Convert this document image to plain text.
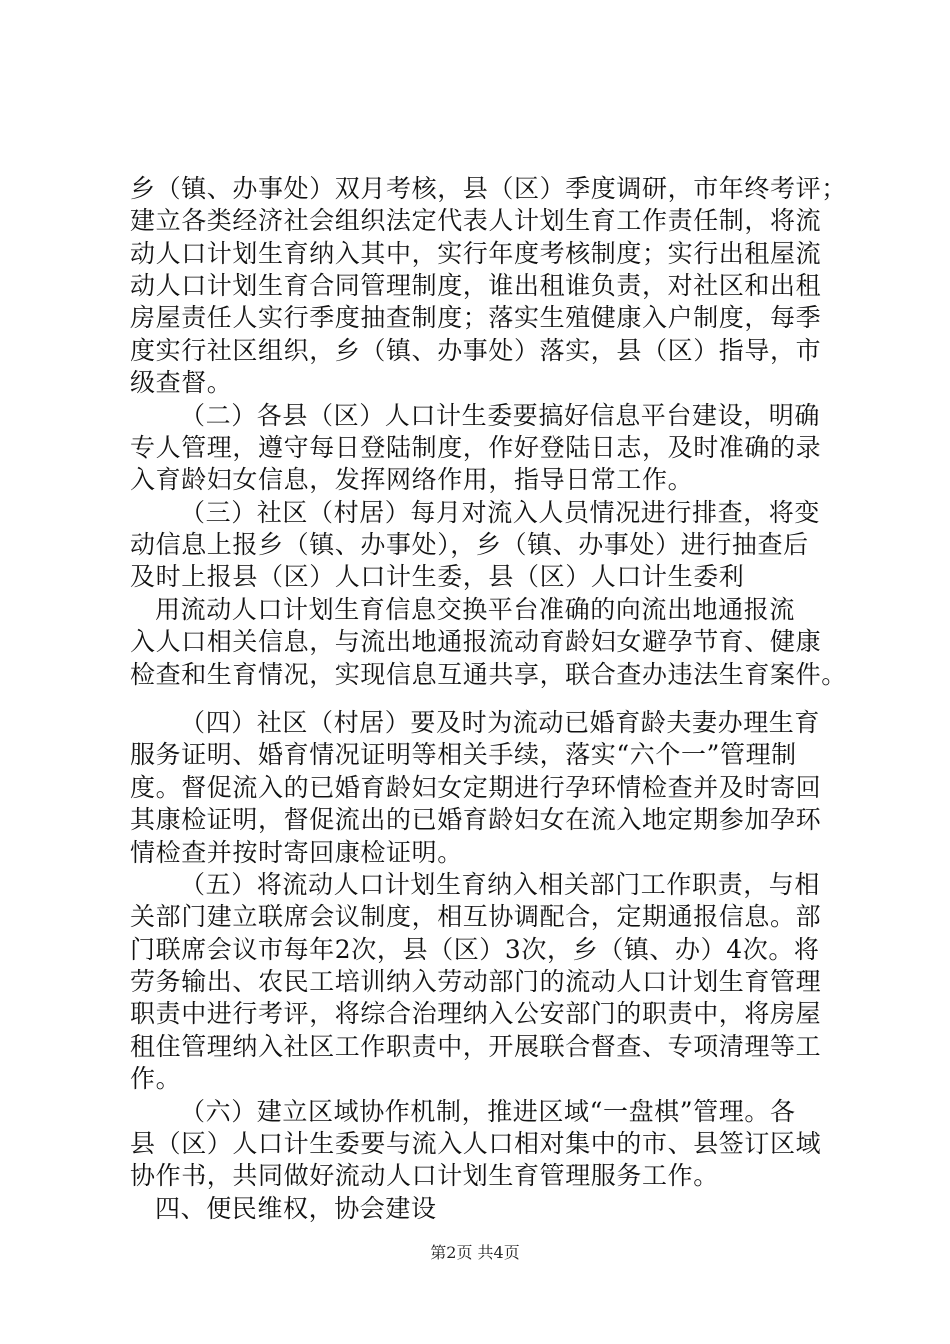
乡（镇、办事处）双月考核，县（区）季度调研，市年终考评；
建立各类经济社会组织法定代表人计划生育工作责任制，将流
动人口计划生育纳入其中，实行年度考核制度；实行出租屋流
动人口计划生育合同管理制度，谁出租谁负责，对社区和出租
房屋责任人实行季度抽查制度；落实生殖健康入户制度，每季
度实行社区组织，乡（镇、办事处）落实，县（区）指导，市
级查督。
（二）各县（区）人口计生委要搞好信息平台建设，明确
专人管理，遵守每日登陆制度，作好登陆日志，及时准确的录
入育龄妇女信息，发挥网络作用，指导日常工作。
（三）社区（村居）每月对流入人员情况进行排查，将变
动信息上报乡（镇、办事处），乡（镇、办事处）进行抽查后
及时上报县（区）人口计生委，县（区）人口计生委利
用流动人口计划生育信息交换平台准确的向流出地通报流
入人口相关信息，与流出地通报流动育龄妇女避孕节育、健康
检查和生育情况，实现信息互通共享，联合查办违法生育案件。
（四）社区（村居）要及时为流动已婚育龄夫妻办理生育
服务证明、婚育情况证明等相关手续，落实“六个一”管理制
度。督促流入的已婚育龄妇女定期进行孕环情检查并及时寄回
其康检证明，督促流出的已婚育龄妇女在流入地定期参加孕环
情检查并按时寄回康检证明。
（五）将流动人口计划生育纳入相关部门工作职责，与相
关部门建立联席会议制度，相互协调配合，定期通报信息。部
门联席会议市每年2次，县（区）3次，乡（镇、办）4次。将
劳务输出、农民工培训纳入劳动部门的流动人口计划生育管理
职责中进行考评，将综合治理纳入公安部门的职责中，将房屋
租住管理纳入社区工作职责中，开展联合督查、专项清理等工
作。
（六）建立区域协作机制，推进区域“一盘棋”管理。各
县（区）人口计生委要与流入人口相对集中的市、县签订区域
协作书，共同做好流动人口计划生育管理服务工作。
四、便民维权，协会建设
第2页 共4页
